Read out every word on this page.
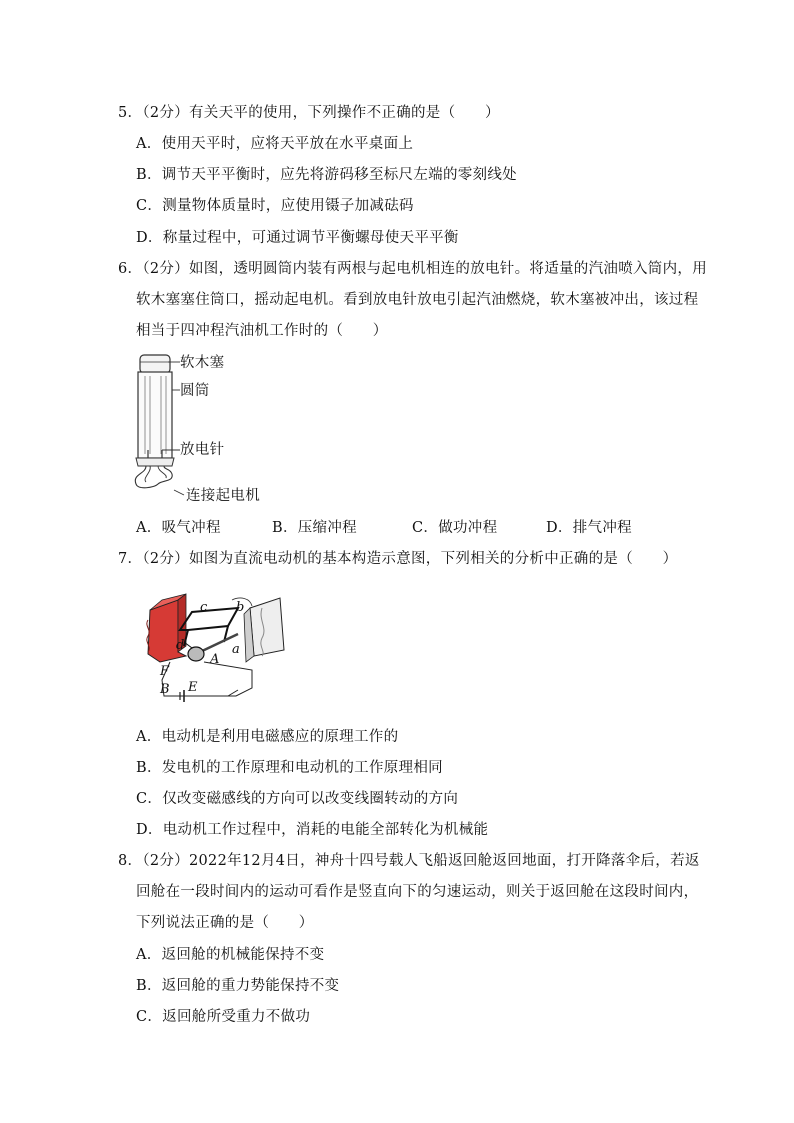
5．（2分）有关天平的使用，下列操作不正确的是（　　）
A．使用天平时，应将天平放在水平桌面上
B．调节天平平衡时，应先将游码移至标尺左端的零刻线处
C．测量物体质量时，应使用镊子加减砝码
D．称量过程中，可通过调节平衡螺母使天平平衡
6．（2分）如图，透明圆筒内装有两根与起电机相连的放电针。将适量的汽油喷入筒内，用
软木塞塞住筒口，摇动起电机。看到放电针放电引起汽油燃烧，软木塞被冲出，该过程
相当于四冲程汽油机工作时的（　　）
软木塞
圆筒
放电针
连接起电机
A．吸气冲程	B．压缩冲程	C．做功冲程	D．排气冲程
7．（2分）如图为直流电动机的基本构造示意图，下列相关的分析中正确的是（　　）
c b
d	a
A
F
B E
A．电动机是利用电磁感应的原理工作的
B．发电机的工作原理和电动机的工作原理相同
C．仅改变磁感线的方向可以改变线圈转动的方向
D．电动机工作过程中，消耗的电能全部转化为机械能
8．（2分）2022年12月4日，神舟十四号载人飞船返回舱返回地面，打开降落伞后，若返
回舱在一段时间内的运动可看作是竖直向下的匀速运动，则关于返回舱在这段时间内，
下列说法正确的是（　　）
A．返回舱的机械能保持不变
B．返回舱的重力势能保持不变
C．返回舱所受重力不做功
